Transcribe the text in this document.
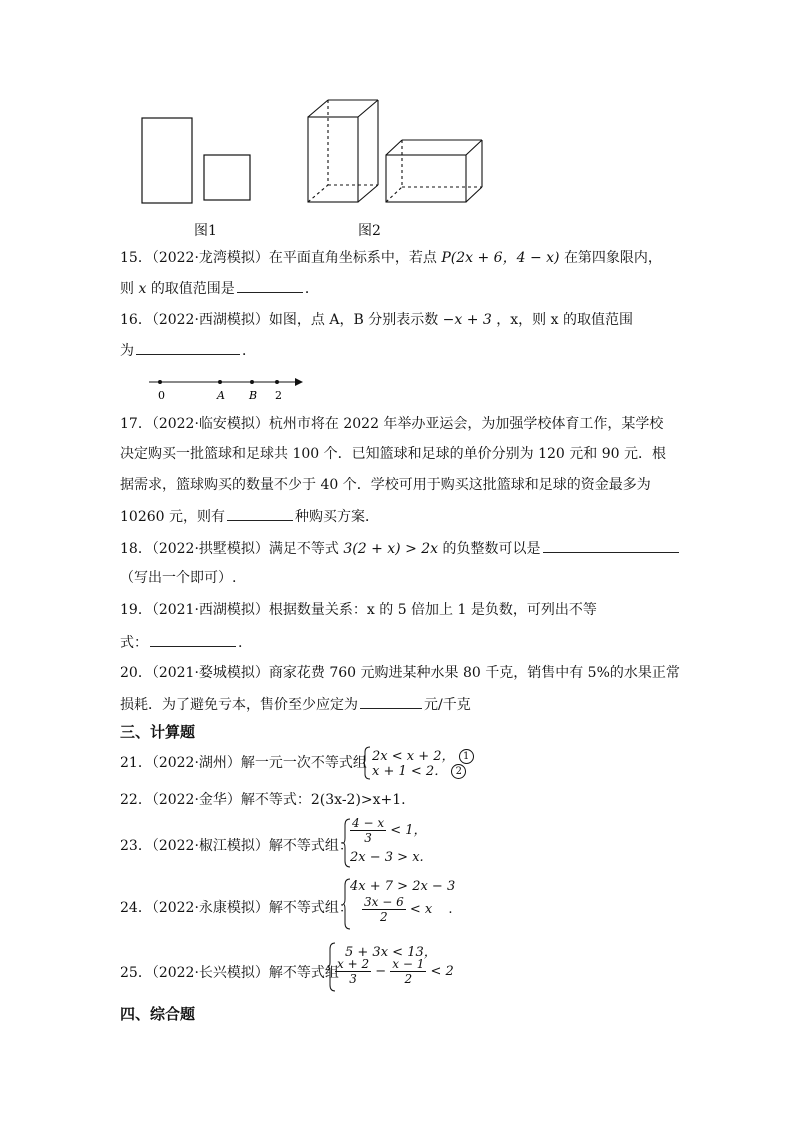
图1	图2
15．（2022·龙湾模拟）在平面直角坐标系中，若点 P(2x + 6，4 − x) 在第四象限内，
则 x 的取值范围是	．
16．（2022·西湖模拟）如图，点 A，B 分别表示数 −x + 3 ，x，则 x 的取值范围
为	．
0	A B 2
17．（2022·临安模拟）杭州市将在 2022 年举办亚运会，为加强学校体育工作，某学校
决定购买一批篮球和足球共 100 个．已知篮球和足球的单价分别为 120 元和 90 元．根
据需求，篮球购买的数量不少于 40 个．学校可用于购买这批篮球和足球的资金最多为
10260 元，则有	种购买方案．
18．（2022·拱墅模拟）满足不等式 3(2 + x) > 2x 的负整数可以是
（写出一个即可）.
19．（2021·西湖模拟）根据数量关系：x 的 5 倍加上 1 是负数，可列出不等
式：	.
20．（2021·婺城模拟）商家花费 760 元购进某种水果 80 千克，销售中有 5%的水果正常
损耗．为了避免亏本，售价至少应定为	元/千克
三、计算题
21．（2022·湖州）解一元一次不等式组 2x < x + 2， 1
x + 1 < 2． 2
22．（2022·金华）解不等式：2(3x-2)>x+1.
23．（2022·椒江模拟）解不等式组：
$\frac{4 - x}{3} < 1$，
2x − 3 > x.
24．（2022·永康模拟）解不等式组：
4x + 7 > 2x − 3
$\frac{3x - 6}{2} < x$ .
25．（2022·长兴模拟）解不等式组
5 + 3x < 13，
$\frac{x + 2}{3} - \frac{x - 1}{2} < 2$
四、综合题
